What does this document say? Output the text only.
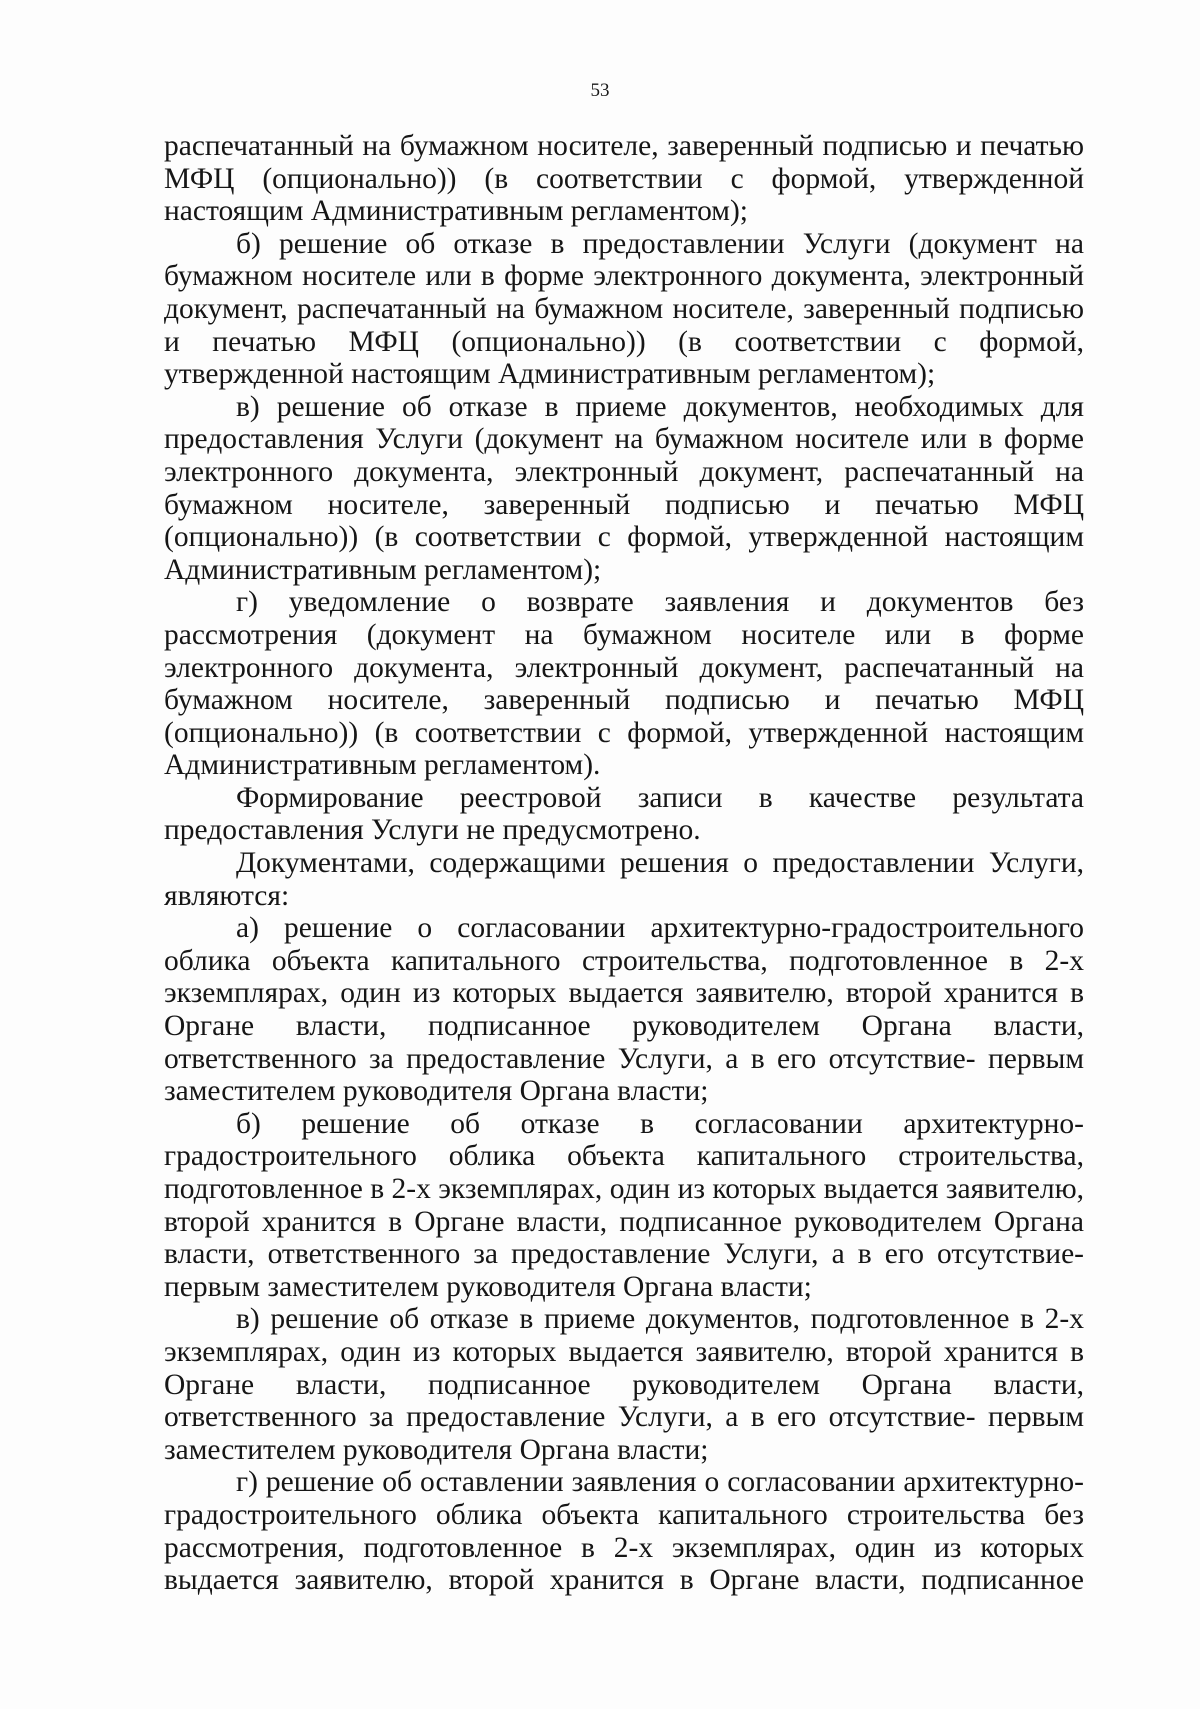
53

распечатанный на бумажном носителе, заверенный подписью и печатью МФЦ (опционально)) (в соответствии с формой, утвержденной настоящим Административным регламентом);

б) решение об отказе в предоставлении Услуги (документ на бумажном носителе или в форме электронного документа, электронный документ, распечатанный на бумажном носителе, заверенный подписью и печатью МФЦ (опционально)) (в соответствии с формой, утвержденной настоящим Административным регламентом);

в) решение об отказе в приеме документов, необходимых для предоставления Услуги (документ на бумажном носителе или в форме электронного документа, электронный документ, распечатанный на бумажном носителе, заверенный подписью и печатью МФЦ (опционально)) (в соответствии с формой, утвержденной настоящим Административным регламентом);

г) уведомление о возврате заявления и документов без рассмотрения (документ на бумажном носителе или в форме электронного документа, электронный документ, распечатанный на бумажном носителе, заверенный подписью и печатью МФЦ (опционально)) (в соответствии с формой, утвержденной настоящим Административным регламентом).

Формирование реестровой записи в качестве результата предоставления Услуги не предусмотрено.

Документами, содержащими решения о предоставлении Услуги, являются:

а) решение о согласовании архитектурно-градостроительного облика объекта капитального строительства, подготовленное в 2-х экземплярах, один из которых выдается заявителю, второй хранится в Органе власти, подписанное руководителем Органа власти, ответственного за предоставление Услуги, а в его отсутствие- первым заместителем руководителя Органа власти;

б) решение об отказе в согласовании архитектурно-градостроительного облика объекта капитального строительства, подготовленное в 2-х экземплярах, один из которых выдается заявителю, второй хранится в Органе власти, подписанное руководителем Органа власти, ответственного за предоставление Услуги, а в его отсутствие-первым заместителем руководителя Органа власти;

в) решение об отказе в приеме документов, подготовленное в 2-х экземплярах, один из которых выдается заявителю, второй хранится в Органе власти, подписанное руководителем Органа власти, ответственного за предоставление Услуги, а в его отсутствие- первым заместителем руководителя Органа власти;

г) решение об оставлении заявления о согласовании архитектурно-градостроительного облика объекта капитального строительства без рассмотрения, подготовленное в 2-х экземплярах, один из которых выдается заявителю, второй хранится в Органе власти, подписанное
